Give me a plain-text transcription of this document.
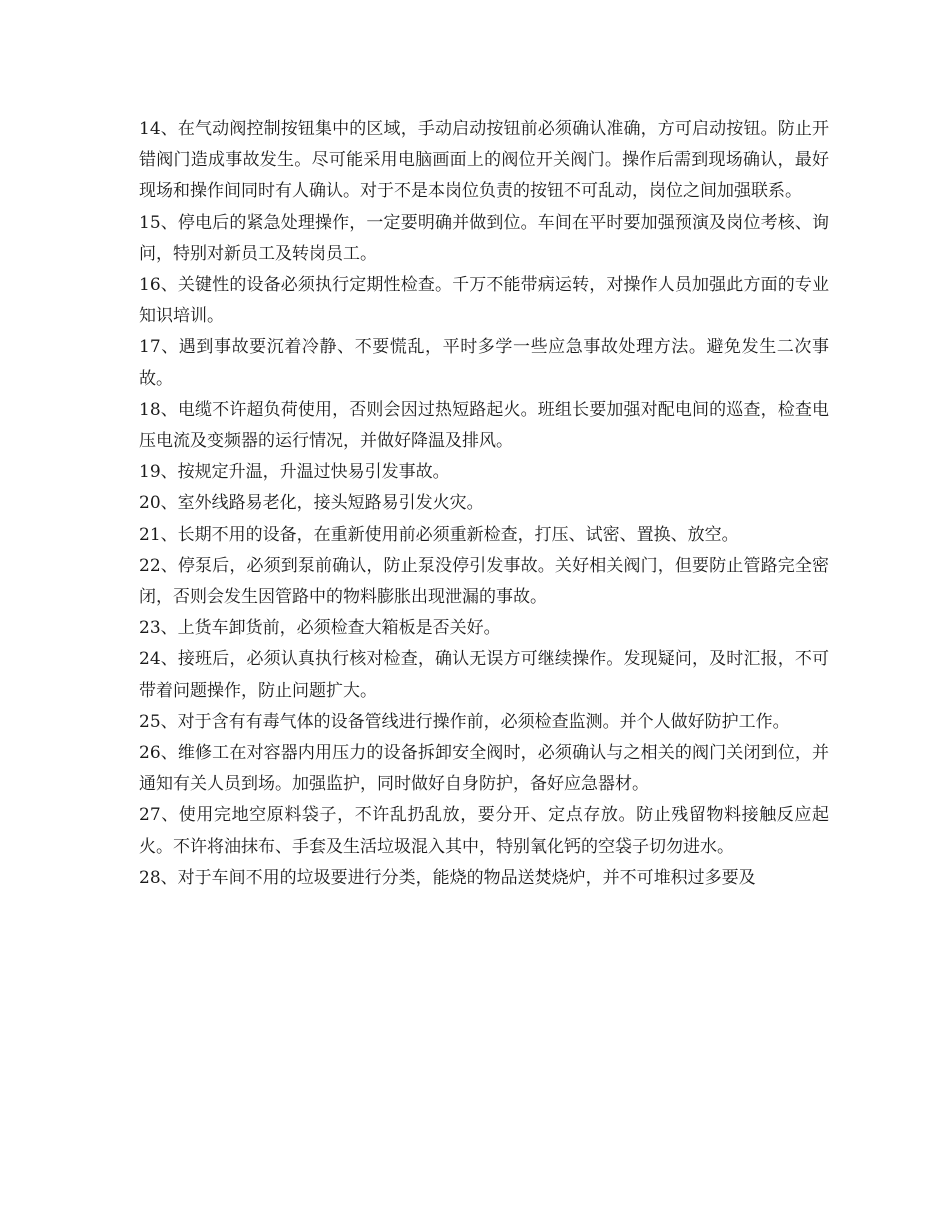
14、在气动阀控制按钮集中的区域，手动启动按钮前必须确认准确，方可启动按钮。防止开错阀门造成事故发生。尽可能采用电脑画面上的阀位开关阀门。操作后需到现场确认，最好现场和操作间同时有人确认。对于不是本岗位负责的按钮不可乱动，岗位之间加强联系。

15、停电后的紧急处理操作，一定要明确并做到位。车间在平时要加强预演及岗位考核、询问，特别对新员工及转岗员工。

16、关键性的设备必须执行定期性检查。千万不能带病运转，对操作人员加强此方面的专业知识培训。

17、遇到事故要沉着冷静、不要慌乱，平时多学一些应急事故处理方法。避免发生二次事故。

18、电缆不许超负荷使用，否则会因过热短路起火。班组长要加强对配电间的巡查，检查电压电流及变频器的运行情况，并做好降温及排风。

19、按规定升温，升温过快易引发事故。

20、室外线路易老化，接头短路易引发火灾。

21、长期不用的设备，在重新使用前必须重新检查，打压、试密、置换、放空。

22、停泵后，必须到泵前确认，防止泵没停引发事故。关好相关阀门，但要防止管路完全密闭，否则会发生因管路中的物料膨胀出现泄漏的事故。

23、上货车卸货前，必须检查大箱板是否关好。

24、接班后，必须认真执行核对检查，确认无误方可继续操作。发现疑问，及时汇报，不可带着问题操作，防止问题扩大。

25、对于含有有毒气体的设备管线进行操作前，必须检查监测。并个人做好防护工作。

26、维修工在对容器内用压力的设备拆卸安全阀时，必须确认与之相关的阀门关闭到位，并通知有关人员到场。加强监护，同时做好自身防护，备好应急器材。

27、使用完地空原料袋子，不许乱扔乱放，要分开、定点存放。防止残留物料接触反应起火。不许将油抹布、手套及生活垃圾混入其中，特别氧化钙的空袋子切勿进水。

28、对于车间不用的垃圾要进行分类，能烧的物品送焚烧炉，并不可堆积过多要及
